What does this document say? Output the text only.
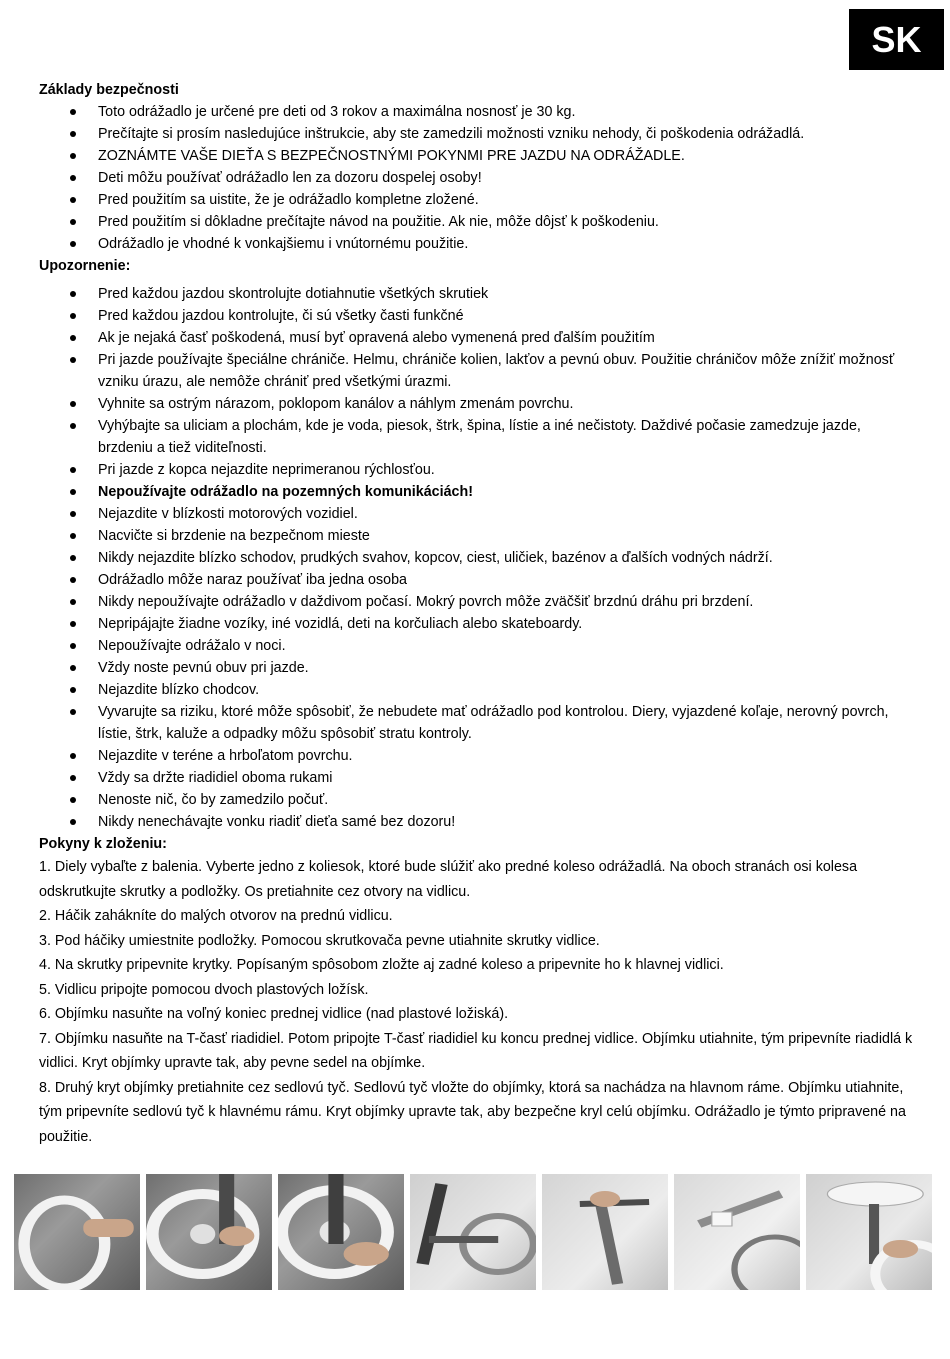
SK
Základy bezpečnosti
Toto odrážadlo je určené pre deti od 3 rokov a maximálna nosnosť je 30 kg.
Prečítajte si prosím nasledujúce inštrukcie, aby ste zamedzili možnosti vzniku nehody, či poškodenia odrážadlá.
ZOZNÁMTE VAŠE DIEŤA S BEZPEČNOSTNÝMI POKYNMI PRE JAZDU NA ODRÁŽADLE.
Deti môžu používať odrážadlo len za dozoru dospelej osoby!
Pred použitím sa uistite, že je odrážadlo kompletne zložené.
Pred použitím si dôkladne prečítajte návod na použitie. Ak nie, môže dôjsť k poškodeniu.
Odrážadlo je vhodné k vonkajšiemu i vnútornému použitie.
Upozornenie:
Pred každou jazdou skontrolujte dotiahnutie všetkých skrutiek
Pred každou jazdou kontrolujte, či sú všetky časti funkčné
Ak je nejaká časť poškodená, musí byť opravená alebo vymenená pred ďalším použitím
Pri jazde používajte špeciálne chrániče. Helmu, chrániče kolien, lakťov a pevnú obuv. Použitie chráničov môže znížiť možnosť vzniku úrazu, ale nemôže chrániť pred všetkými úrazmi.
Vyhnite sa ostrým nárazom, poklopom kanálov a náhlym zmenám povrchu.
Vyhýbajte sa uliciam a plochám, kde je voda, piesok, štrk, špina, lístie a iné nečistoty. Daždivé počasie zamedzuje jazde, brzdeniu a tiež viditeľnosti.
Pri jazde z kopca nejazdite neprimeranou rýchlosťou.
Nepoužívajte odrážadlo na pozemných komunikáciách!
Nejazdite v blízkosti motorových vozidiel.
Nacvičte si brzdenie na bezpečnom mieste
Nikdy nejazdite blízko schodov, prudkých svahov, kopcov, ciest, uličiek, bazénov a ďalších vodných nádrží.
Odrážadlo môže naraz používať iba jedna osoba
Nikdy nepoužívajte odrážadlo v daždivom počasí. Mokrý povrch môže zväčšiť brzdnú dráhu pri brzdení.
Nepripájajte žiadne vozíky, iné vozidlá, deti na korčuliach alebo skateboardy.
Nepoužívajte odrážalo v noci.
Vždy noste pevnú obuv pri jazde.
Nejazdite blízko chodcov.
Vyvarujte sa riziku, ktoré môže spôsobiť, že nebudete mať odrážadlo pod kontrolou. Diery, vyjazdené koľaje, nerovný povrch, lístie, štrk, kaluže a odpadky môžu spôsobiť stratu kontroly.
Nejazdite v teréne a hrboľatom povrchu.
Vždy sa držte riadidiel oboma rukami
Nenoste nič, čo by zamedzilo počuť.
Nikdy nenechávajte vonku riadiť dieťa samé bez dozoru!
Pokyny k zloženiu:

1. Diely vybaľte z balenia. Vyberte jedno z koliesok, ktoré bude slúžiť ako predné koleso odrážadlá. Na oboch stranách osi kolesa odskrutkujte skrutky a podložky. Os pretiahnite cez otvory na vidlicu.

2. Háčik zahákníte do malých otvorov na prednú vidlicu.

3. Pod háčiky umiestnite podložky. Pomocou skrutkovača pevne utiahnite skrutky vidlice.

4. Na skrutky pripevnite krytky. Popísaným spôsobom zložte aj zadné koleso a pripevnite ho k hlavnej vidlici.

5. Vidlicu pripojte pomocou dvoch plastových ložísk.

6. Objímku nasuňte na voľný koniec prednej vidlice (nad plastové ložiská).

7. Objímku nasuňte na T-časť riadidiel. Potom pripojte T-časť riadidiel ku koncu prednej vidlice. Objímku utiahnite, tým pripevníte riadidlá k vidlici. Kryt objímky upravte tak, aby pevne sedel na objímke.

8. Druhý kryt objímky pretiahnite cez sedlovú tyč. Sedlovú tyč vložte do objímky, ktorá sa nachádza na hlavnom ráme. Objímku utiahnite, tým pripevníte sedlovú tyč k hlavnému rámu. Kryt objímky upravte tak, aby bezpečne kryl celú objímku. Odrážadlo je týmto pripravené na použitie.
